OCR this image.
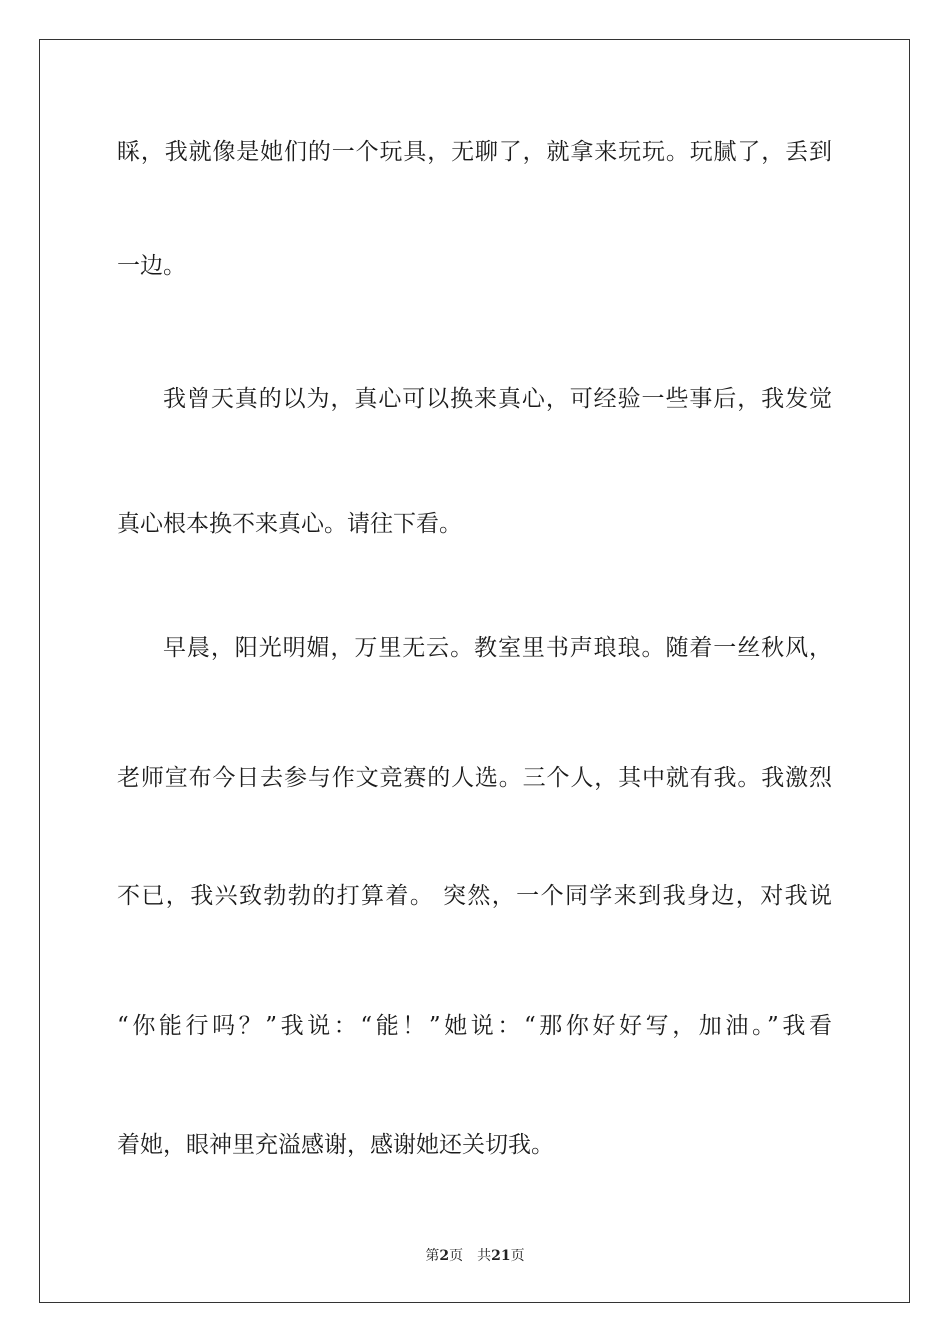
睬，我就像是她们的一个玩具，无聊了，就拿来玩玩。玩腻了，丢到
一边。
我曾天真的以为，真心可以换来真心，可经验一些事后，我发觉
真心根本换不来真心。请往下看。
早晨，阳光明媚，万里无云。教室里书声琅琅。随着一丝秋风，
老师宣布今日去参与作文竞赛的人选。三个人，其中就有我。我激烈
不已，我兴致勃勃的打算着。 突然，一个同学来到我身边，对我说
“你能行吗？”我说：“能！”她说：“那你好好写，加油。”我看
着她，眼神里充溢感谢，感谢她还关切我。
第2页 共21页
